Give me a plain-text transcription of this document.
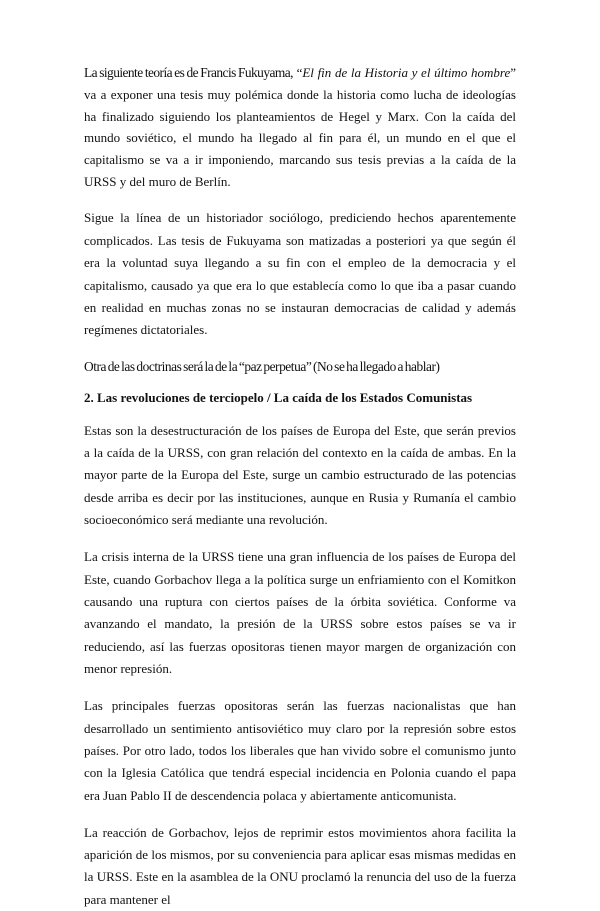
La siguiente teoría es de Francis Fukuyama, “El fin de la Historia y el último hombre” va a exponer una tesis muy polémica donde la historia como lucha de ideologías ha finalizado siguiendo los planteamientos de Hegel y Marx. Con la caída del mundo soviético, el mundo ha llegado al fin para él, un mundo en el que el capitalismo se va a ir imponiendo, marcando sus tesis previas a la caída de la URSS y del muro de Berlín.

Sigue la línea de un historiador sociólogo, prediciendo hechos aparentemente complicados. Las tesis de Fukuyama son matizadas a posteriori ya que según él era la voluntad suya llegando a su fin con el empleo de la democracia y el capitalismo, causado ya que era lo que establecía como lo que iba a pasar cuando en realidad en muchas zonas no se instauran democracias de calidad y además regímenes dictatoriales.

Otra de las doctrinas será la de la “paz perpetua” (No se ha llegado a hablar)

2. Las revoluciones de terciopelo / La caída de los Estados Comunistas

Estas son la desestructuración de los países de Europa del Este, que serán previos a la caída de la URSS, con gran relación del contexto en la caída de ambas. En la mayor parte de la Europa del Este, surge un cambio estructurado de las potencias desde arriba es decir por las instituciones, aunque en Rusia y Rumanía el cambio socioeconómico será mediante una revolución.

La crisis interna de la URSS tiene una gran influencia de los países de Europa del Este, cuando Gorbachov llega a la política surge un enfriamiento con el Komitkon causando una ruptura con ciertos países de la órbita soviética. Conforme va avanzando el mandato, la presión de la URSS sobre estos países se va ir reduciendo, así las fuerzas opositoras tienen mayor margen de organización con menor represión.

Las principales fuerzas opositoras serán las fuerzas nacionalistas que han desarrollado un sentimiento antisoviético muy claro por la represión sobre estos países. Por otro lado, todos los liberales que han vivido sobre el comunismo junto con la Iglesia Católica que tendrá especial incidencia en Polonia cuando el papa era Juan Pablo II de descendencia polaca y abiertamente anticomunista.

La reacción de Gorbachov, lejos de reprimir estos movimientos ahora facilita la aparición de los mismos, por su conveniencia para aplicar esas mismas medidas en la URSS. Este en la asamblea de la ONU proclamó la renuncia del uso de la fuerza para mantener el
